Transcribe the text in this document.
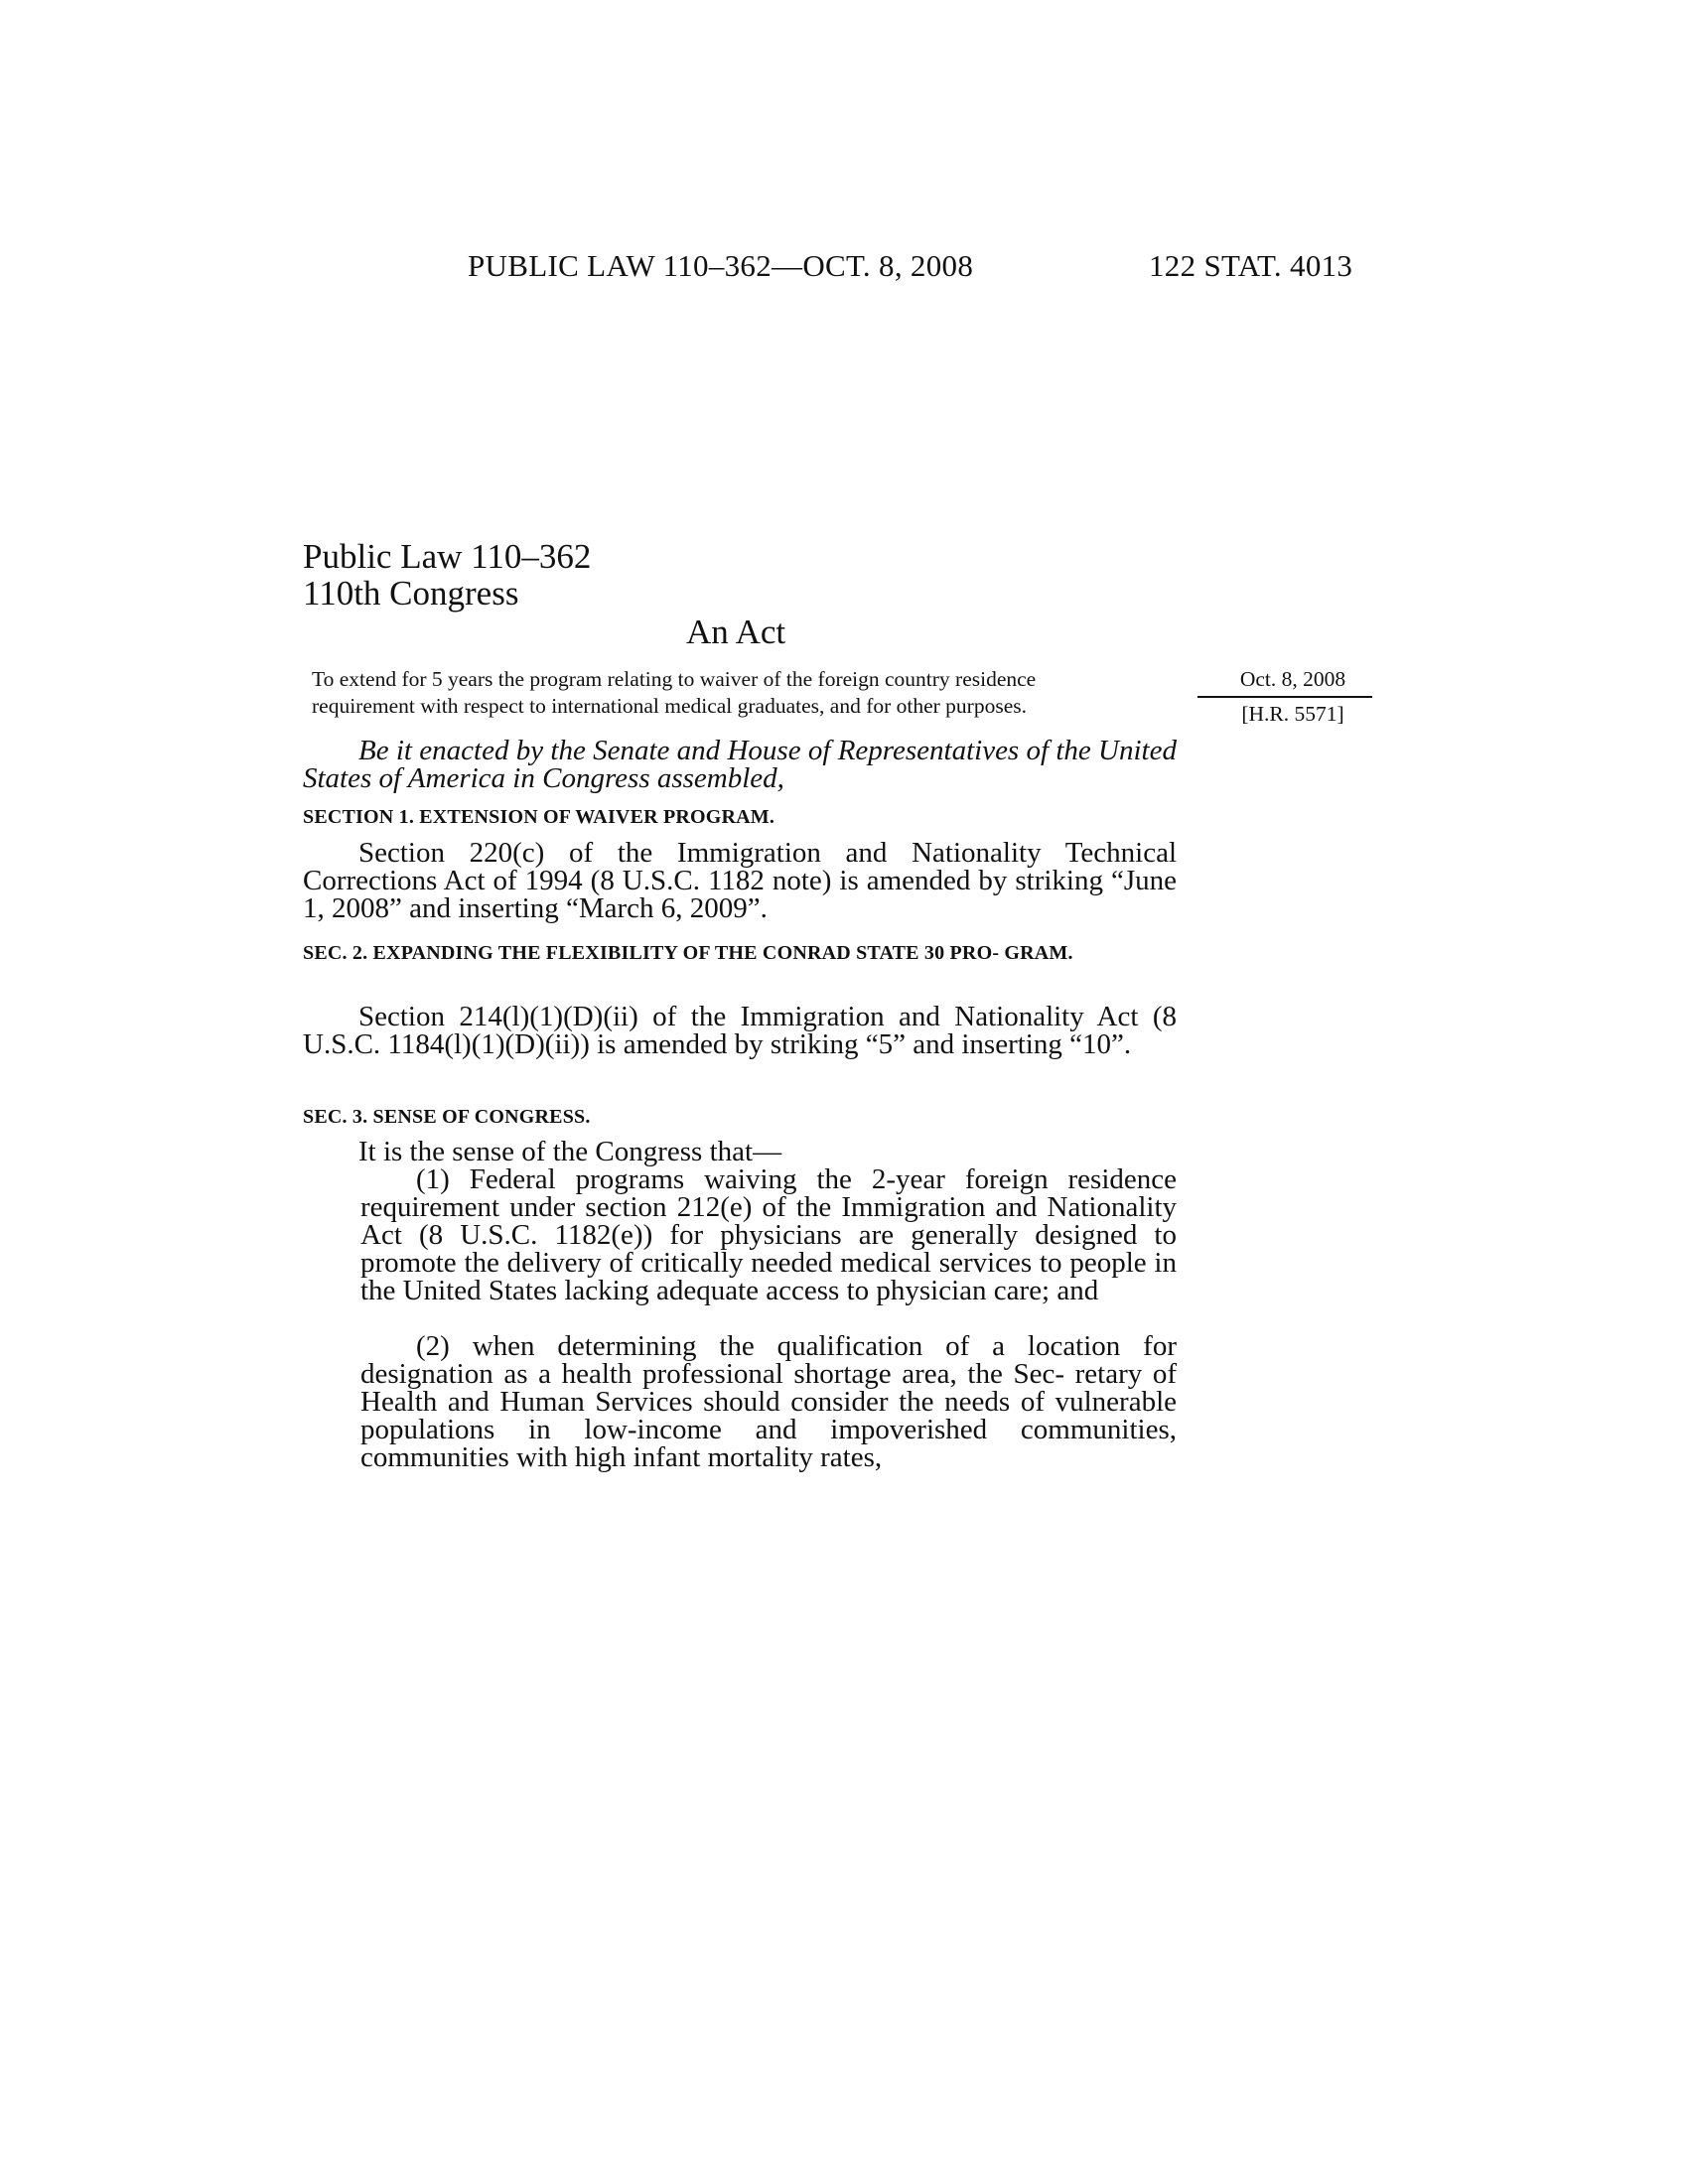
PUBLIC LAW 110–362—OCT. 8, 2008	122 STAT. 4013
Public Law 110–362
110th Congress
An Act
To extend for 5 years the program relating to waiver of the foreign country residence
requirement with respect to international medical graduates, and for other purposes.
Oct. 8, 2008
[H.R. 5571]
Be it enacted by the Senate and House of Representatives of the United States of America in Congress assembled,
SECTION 1. EXTENSION OF WAIVER PROGRAM.

Section 220(c) of the Immigration and Nationality Technical Corrections Act of 1994 (8 U.S.C. 1182 note) is amended by striking “June 1, 2008” and inserting “March 6, 2009”.

SEC. 2. EXPANDING THE FLEXIBILITY OF THE CONRAD STATE 30 PRO- GRAM.

Section 214(l)(1)(D)(ii) of the Immigration and Nationality Act (8 U.S.C. 1184(l)(1)(D)(ii)) is amended by striking “5” and inserting “10”.

SEC. 3. SENSE OF CONGRESS.

It is the sense of the Congress that—

(1) Federal programs waiving the 2-year foreign residence requirement under section 212(e) of the Immigration and Nationality Act (8 U.S.C. 1182(e)) for physicians are generally designed to promote the delivery of critically needed medical services to people in the United States lacking adequate access to physician care; and
(2) when determining the qualification of a location for designation as a health professional shortage area, the Sec- retary of Health and Human Services should consider the needs of vulnerable populations in low-income and impoverished communities, communities with high infant mortality rates,
